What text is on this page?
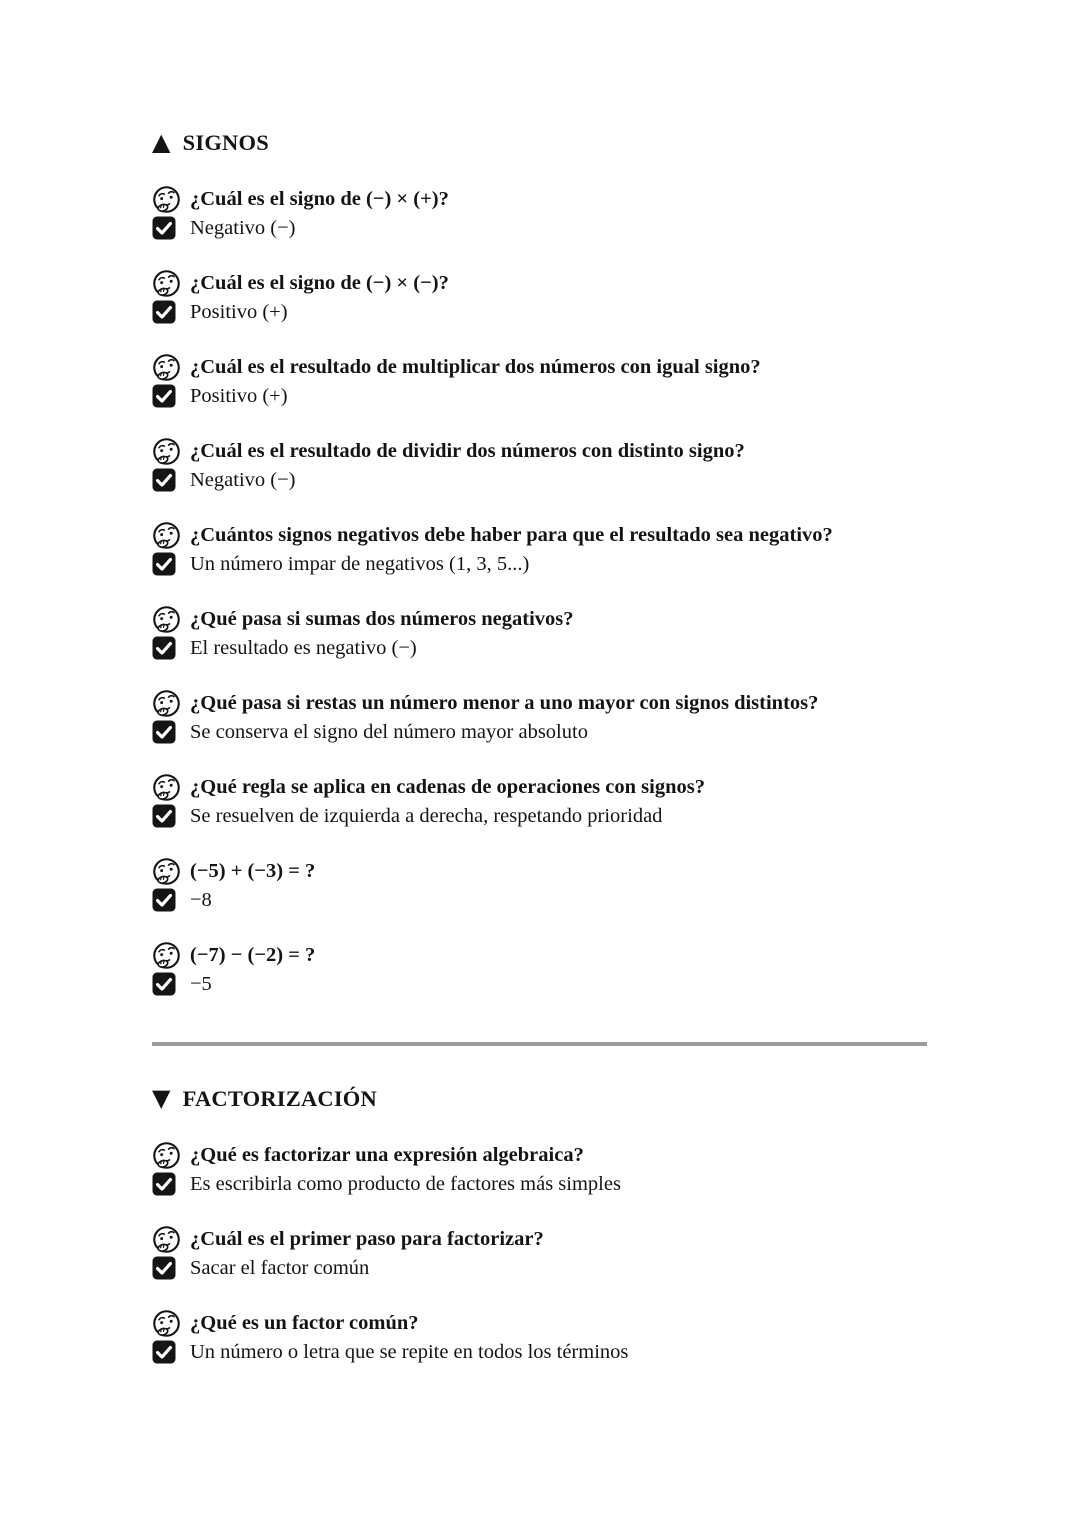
▲ SIGNOS
¿Cuál es el signo de (−) × (+)?
Negativo (−)
¿Cuál es el signo de (−) × (−)?
Positivo (+)
¿Cuál es el resultado de multiplicar dos números con igual signo?
Positivo (+)
¿Cuál es el resultado de dividir dos números con distinto signo?
Negativo (−)
¿Cuántos signos negativos debe haber para que el resultado sea negativo?
Un número impar de negativos (1, 3, 5...)
¿Qué pasa si sumas dos números negativos?
El resultado es negativo (−)
¿Qué pasa si restas un número menor a uno mayor con signos distintos?
Se conserva el signo del número mayor absoluto
¿Qué regla se aplica en cadenas de operaciones con signos?
Se resuelven de izquierda a derecha, respetando prioridad
(−5) + (−3) = ?
−8
(−7) − (−2) = ?
−5
▼ FACTORIZACIÓN
¿Qué es factorizar una expresión algebraica?
Es escribirla como producto de factores más simples
¿Cuál es el primer paso para factorizar?
Sacar el factor común
¿Qué es un factor común?
Un número o letra que se repite en todos los términos
